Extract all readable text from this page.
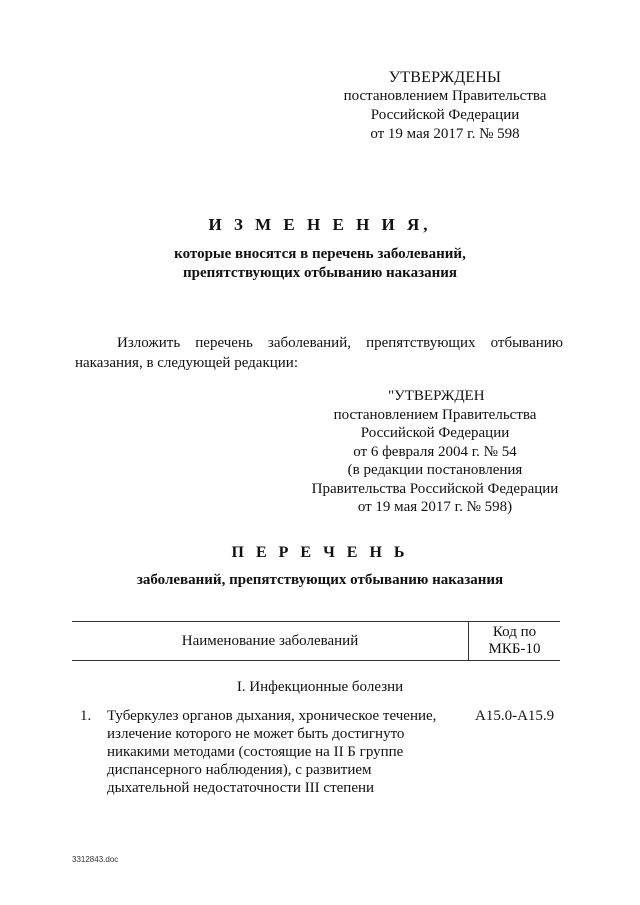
УТВЕРЖДЕНЫ
постановлением Правительства
Российской Федерации
от 19 мая 2017 г. № 598
И З М Е Н Е Н И Я,
которые вносятся в перечень заболеваний,
препятствующих отбыванию наказания
Изложить перечень заболеваний, препятствующих отбыванию наказания, в следующей редакции:
"УТВЕРЖДЕН
постановлением Правительства
Российской Федерации
от 6 февраля 2004 г. № 54
(в редакции постановления
Правительства Российской Федерации
от 19 мая 2017 г. № 598)
П Е Р Е Ч Е Н Ь
заболеваний, препятствующих отбыванию наказания
Наименование заболеваний
Код по
МКБ-10
I. Инфекционные болезни
1. Туберкулез органов дыхания, хроническое течение,
излечение которого не может быть достигнуто
никакими методами (состоящие на II Б группе
диспансерного наблюдения), с развитием
дыхательной недостаточности III степени
A15.0-A15.9
3312843.doc
